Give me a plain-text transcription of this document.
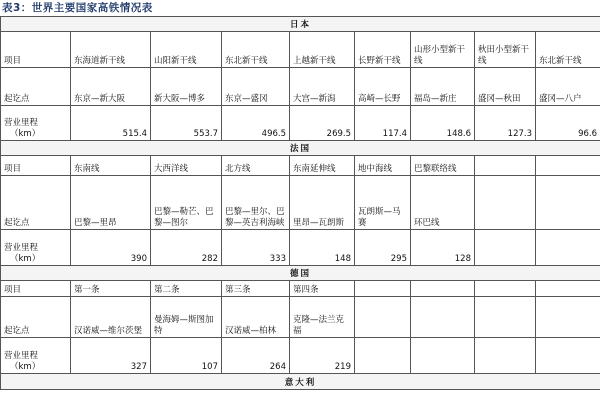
表3：世界主要国家高铁情况表
日本								
项目	东海道新干线	山阳新干线	东北新干线	上越新干线	长野新干线	山形小型新干线	秋田小型新干线	东北新干线
起讫点	东京—新大阪	新大阪—博多	东京—盛冈	大宫—新潟	高崎—长野	福岛—新庄	盛冈—秋田	盛冈—八户

营业里程
（km）	515.4	553.7	496.5	269.5	117.4	148.6	127.3	96.6
法国								
项目	东南线	大西洋线	北方线	东南延伸线	地中海线	巴黎联络线		
起讫点	巴黎—里昂	巴黎—勒芒、巴黎—图尔	巴黎—里尔、巴黎—英吉利海峡	里昂—瓦朗斯	瓦朗斯—马赛	环巴线		

营业里程
（km）	390	282	333	148	295	128		
德国								
项目	第一条	第二条	第三条	第四条				
起讫点	汉诺威—维尔茨堡	曼海姆—斯图加特	汉诺威—柏林	克隆—法兰克福				

营业里程
（km）	327	107	264	219				
意大利								
